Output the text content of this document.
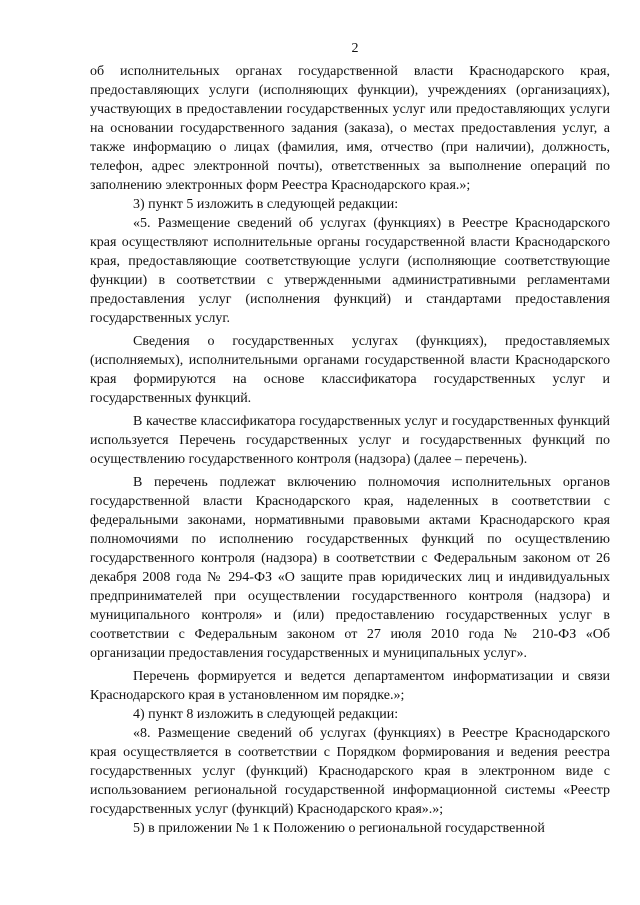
2

об исполнительных органах государственной власти Краснодарского края, предоставляющих услуги (исполняющих функции), учреждениях (организациях), участвующих в предоставлении государственных услуг или предоставляющих услуги на основании государственного задания (заказа), о местах предоставления услуг, а также информацию о лицах (фамилия, имя, отчество (при наличии), должность, телефон, адрес электронной почты), ответственных за выполнение операций по заполнению электронных форм Реестра Краснодарского края.»;

3) пункт 5 изложить в следующей редакции:

«5. Размещение сведений об услугах (функциях) в Реестре Краснодарского края осуществляют исполнительные органы государственной власти Краснодарского края, предоставляющие соответствующие услуги (исполняющие соответствующие функции) в соответствии с утвержденными административными регламентами предоставления услуг (исполнения функций) и стандартами предоставления государственных услуг.

Сведения о государственных услугах (функциях), предоставляемых (исполняемых), исполнительными органами государственной власти Краснодарского края формируются на основе классификатора государственных услуг и государственных функций.

В качестве классификатора государственных услуг и государственных функций используется Перечень государственных услуг и государственных функций по осуществлению государственного контроля (надзора) (далее – перечень).

В перечень подлежат включению полномочия исполнительных органов государственной власти Краснодарского края, наделенных в соответствии с федеральными законами, нормативными правовыми актами Краснодарского края полномочиями по исполнению государственных функций по осуществлению государственного контроля (надзора) в соответствии с Федеральным законом от 26 декабря 2008 года № 294-ФЗ «О защите прав юридических лиц и индивидуальных предпринимателей при осуществлении государственного контроля (надзора) и муниципального контроля» и (или) предоставлению государственных услуг в соответствии с Федеральным законом от 27 июля 2010 года № 210-ФЗ «Об организации предоставления государственных и муниципальных услуг».

Перечень формируется и ведется департаментом информатизации и связи Краснодарского края в установленном им порядке.»;

4) пункт 8 изложить в следующей редакции:

«8. Размещение сведений об услугах (функциях) в Реестре Краснодарского края осуществляется в соответствии с Порядком формирования и ведения реестра государственных услуг (функций) Краснодарского края в электронном виде с использованием региональной государственной информационной системы «Реестр государственных услуг (функций) Краснодарского края».»;

5) в приложении № 1 к Положению о региональной государственной
